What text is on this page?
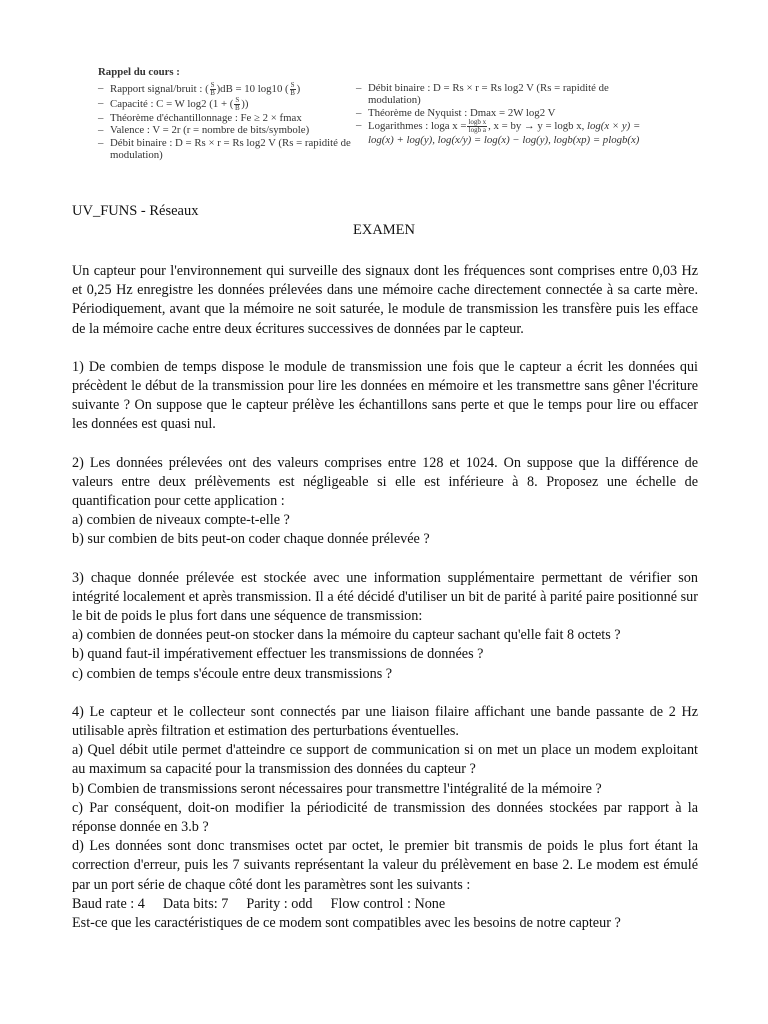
Rappel du cours :
– Rapport signal/bruit : ( $\frac{S}{B} )dB = 10$ log10 ( $\frac{S}{B}$ )
– Capacité : C = W log2 (1 + ( $\frac{S}{B}$ ))
– Théorème d'échantillonnage : Fe ≥ 2 × fmax
– Valence : V = 2r (r = nombre de bits/symbole)
– Débit binaire : D = Rs × r = Rs log2 V (Rs = rapidité de modulation)
– Débit binaire : D = Rs × r = Rs log2 V (Rs = rapidité de modulation)
– Théorème de Nyquist : Dmax = 2W log2 V
– Logarithmes : loga $x = \frac{\text{logb x}}{\text{logb a}}$ , x = by → y = logb x, log(x × y) = log(x) + log(y), log(x/y) = log(x) − log(y), logb(xp) = plogb(x)
UV_FUNS - Réseaux
EXAMEN

Un capteur pour l'environnement qui surveille des signaux dont les fréquences sont comprises entre 0,03 Hz et 0,25 Hz enregistre les données prélevées dans une mémoire cache directement connectée à sa carte mère. Périodiquement, avant que la mémoire ne soit saturée, le module de transmission les transfère puis les efface de la mémoire cache entre deux écritures successives de données par le capteur.

1) De combien de temps dispose le module de transmission une fois que le capteur a écrit les données qui précèdent le début de la transmission pour lire les données en mémoire et les transmettre sans gêner l'écriture suivante ? On suppose que le capteur prélève les échantillons sans perte et que le temps pour lire ou effacer les données est quasi nul.

2) Les données prélevées ont des valeurs comprises entre 128 et 1024. On suppose que la différence de valeurs entre deux prélèvements est négligeable si elle est inférieure à 8. Proposez une échelle de quantification pour cette application :

a) combien de niveaux compte-t-elle ?

b) sur combien de bits peut-on coder chaque donnée prélevée ?

3) chaque donnée prélevée est stockée avec une information supplémentaire permettant de vérifier son intégrité localement et après transmission. Il a été décidé d'utiliser un bit de parité à parité paire positionné sur le bit de poids le plus fort dans une séquence de transmission:

a) combien de données peut-on stocker dans la mémoire du capteur sachant qu'elle fait 8 octets ?

b) quand faut-il impérativement effectuer les transmissions de données ?

c) combien de temps s'écoule entre deux transmissions ?

4) Le capteur et le collecteur sont connectés par une liaison filaire affichant une bande passante de 2 Hz utilisable après filtration et estimation des perturbations éventuelles.

a) Quel débit utile permet d'atteindre ce support de communication si on met un place un modem exploitant au maximum sa capacité pour la transmission des données du capteur ?

b) Combien de transmissions seront nécessaires pour transmettre l'intégralité de la mémoire ?

c) Par conséquent, doit-on modifier la périodicité de transmission des données stockées par rapport à la réponse donnée en 3.b ?

d) Les données sont donc transmises octet par octet, le premier bit transmis de poids le plus fort étant la correction d'erreur, puis les 7 suivants représentant la valeur du prélèvement en base 2. Le modem est émulé par un port série de chaque côté dont les paramètres sont les suivants :

Baud rate : 4 Data bits: 7 Parity : odd Flow control : None

Est-ce que les caractéristiques de ce modem sont compatibles avec les besoins de notre capteur ?
